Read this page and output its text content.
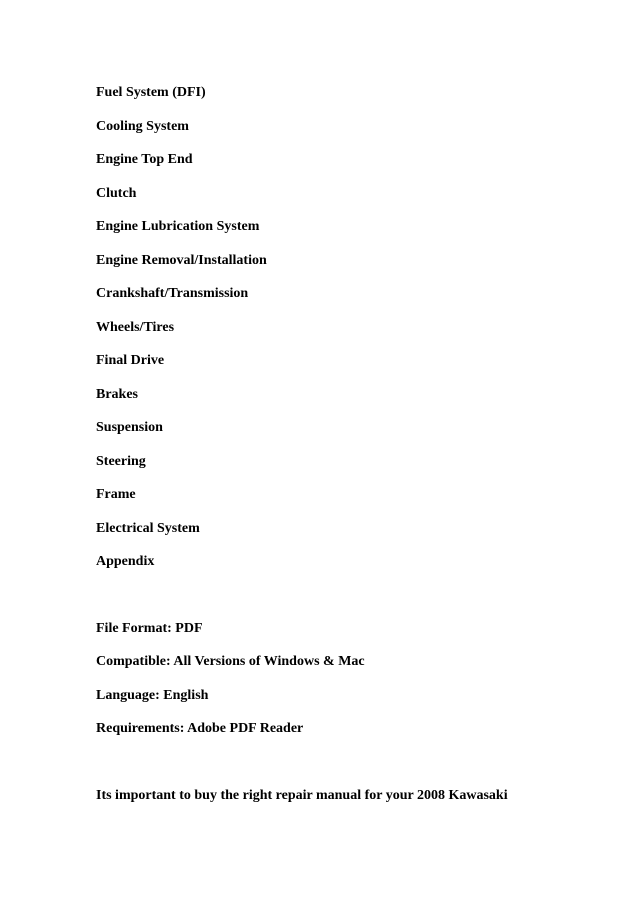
Fuel System (DFI)
Cooling System
Engine Top End
Clutch
Engine Lubrication System
Engine Removal/Installation
Crankshaft/Transmission
Wheels/Tires
Final Drive
Brakes
Suspension
Steering
Frame
Electrical System
Appendix
File Format: PDF
Compatible: All Versions of Windows & Mac
Language: English
Requirements: Adobe PDF Reader
Its important to buy the right repair manual for your 2008 Kawasaki
